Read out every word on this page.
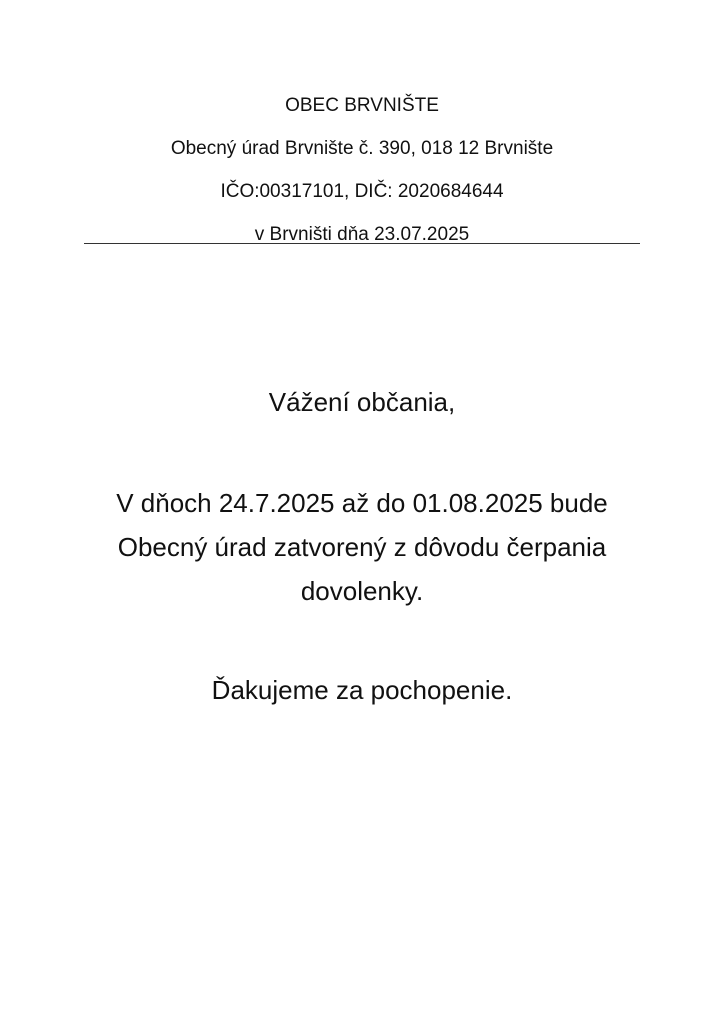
OBEC BRVNIŠTE
Obecný úrad Brvnište č. 390, 018 12 Brvnište
IČO:00317101, DIČ: 2020684644
v Brvništi dňa 23.07.2025
Vážení občania,
V dňoch 24.7.2025 až do 01.08.2025 bude
Obecný úrad zatvorený z dôvodu čerpania
dovolenky.
Ďakujeme za pochopenie.
